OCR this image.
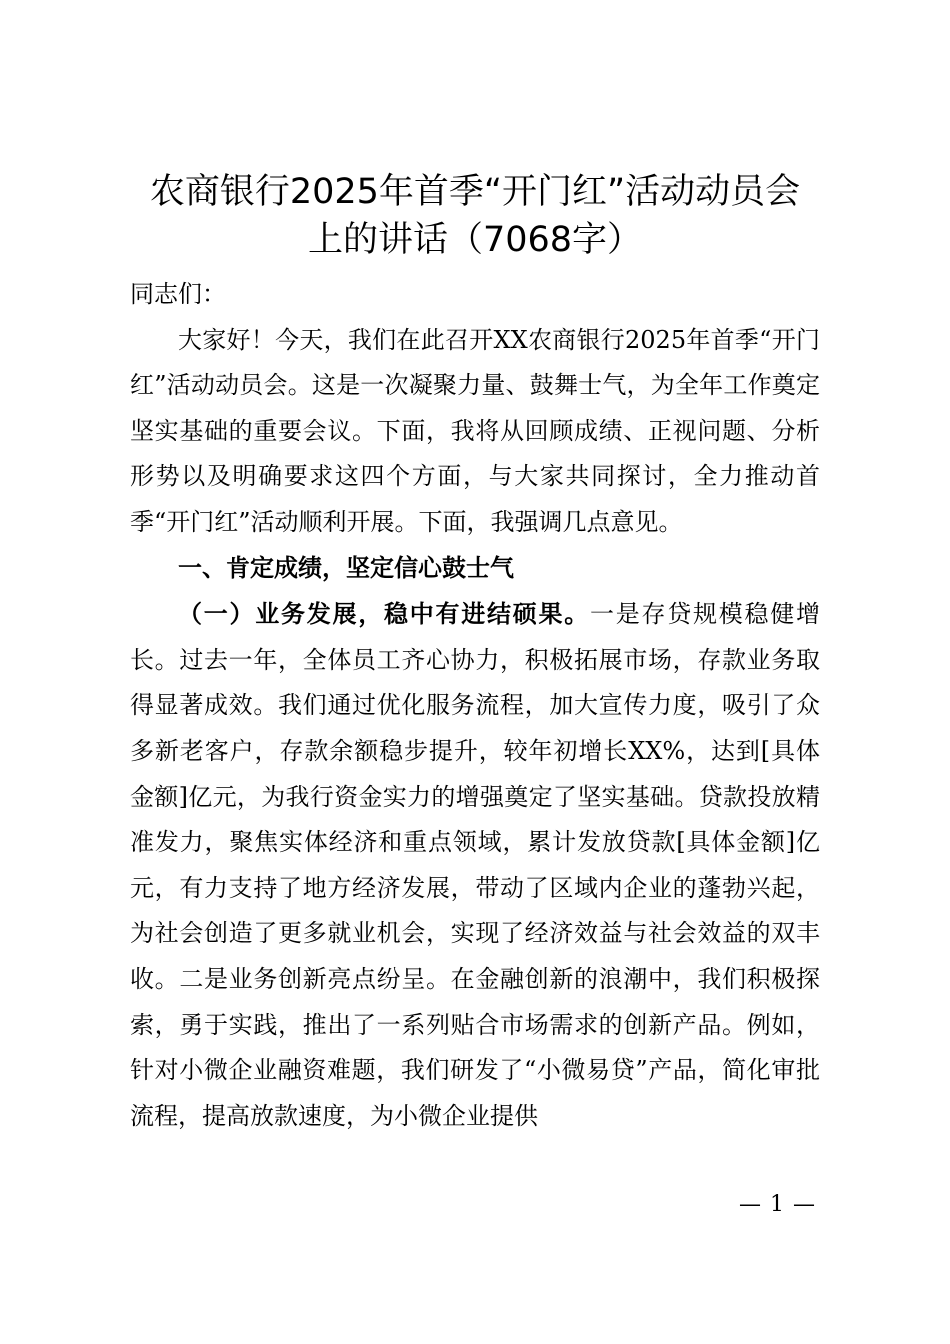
农商银行2025年首季“开门红”活动动员会
上的讲话（7068字）

同志们：

大家好！今天，我们在此召开XX农商银行2025年首季“开门红”活动动员会。这是一次凝聚力量、鼓舞士气，为全年工作奠定坚实基础的重要会议。下面，我将从回顾成绩、正视问题、分析形势以及明确要求这四个方面，与大家共同探讨，全力推动首季“开门红”活动顺利开展。下面，我强调几点意见。

一、肯定成绩，坚定信心鼓士气

（一）业务发展，稳中有进结硕果。一是存贷规模稳健增长。过去一年，全体员工齐心协力，积极拓展市场，存款业务取得显著成效。我们通过优化服务流程，加大宣传力度，吸引了众多新老客户，存款余额稳步提升，较年初增长XX%，达到[具体金额]亿元，为我行资金实力的增强奠定了坚实基础。贷款投放精准发力，聚焦实体经济和重点领域，累计发放贷款[具体金额]亿元，有力支持了地方经济发展，带动了区域内企业的蓬勃兴起，为社会创造了更多就业机会，实现了经济效益与社会效益的双丰收。二是业务创新亮点纷呈。在金融创新的浪潮中，我们积极探索，勇于实践，推出了一系列贴合市场需求的创新产品。例如，针对小微企业融资难题，我们研发了“小微易贷”产品，简化审批流程，提高放款速度，为小微企业提供

— 1 —
